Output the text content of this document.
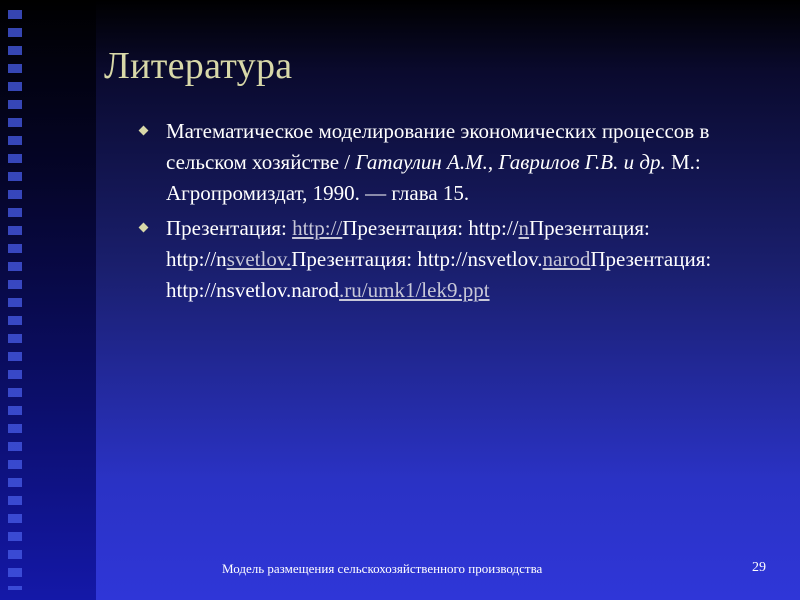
Литература
Математическое моделирование экономических процессов в сельском хозяйстве / Гатаулин А.М., Гаврилов Г.В. и др. М.: Агропромиздат, 1990. — глава 15.
Презентация: http://Презентация: http://nПрезентация: http://nsvetlov.Презентация: http://nsvetlov.narodПрезентация: http://nsvetlov.narod.ru/umk1/lek9.ppt
Модель размещения сельскохозяйственного производства	29
